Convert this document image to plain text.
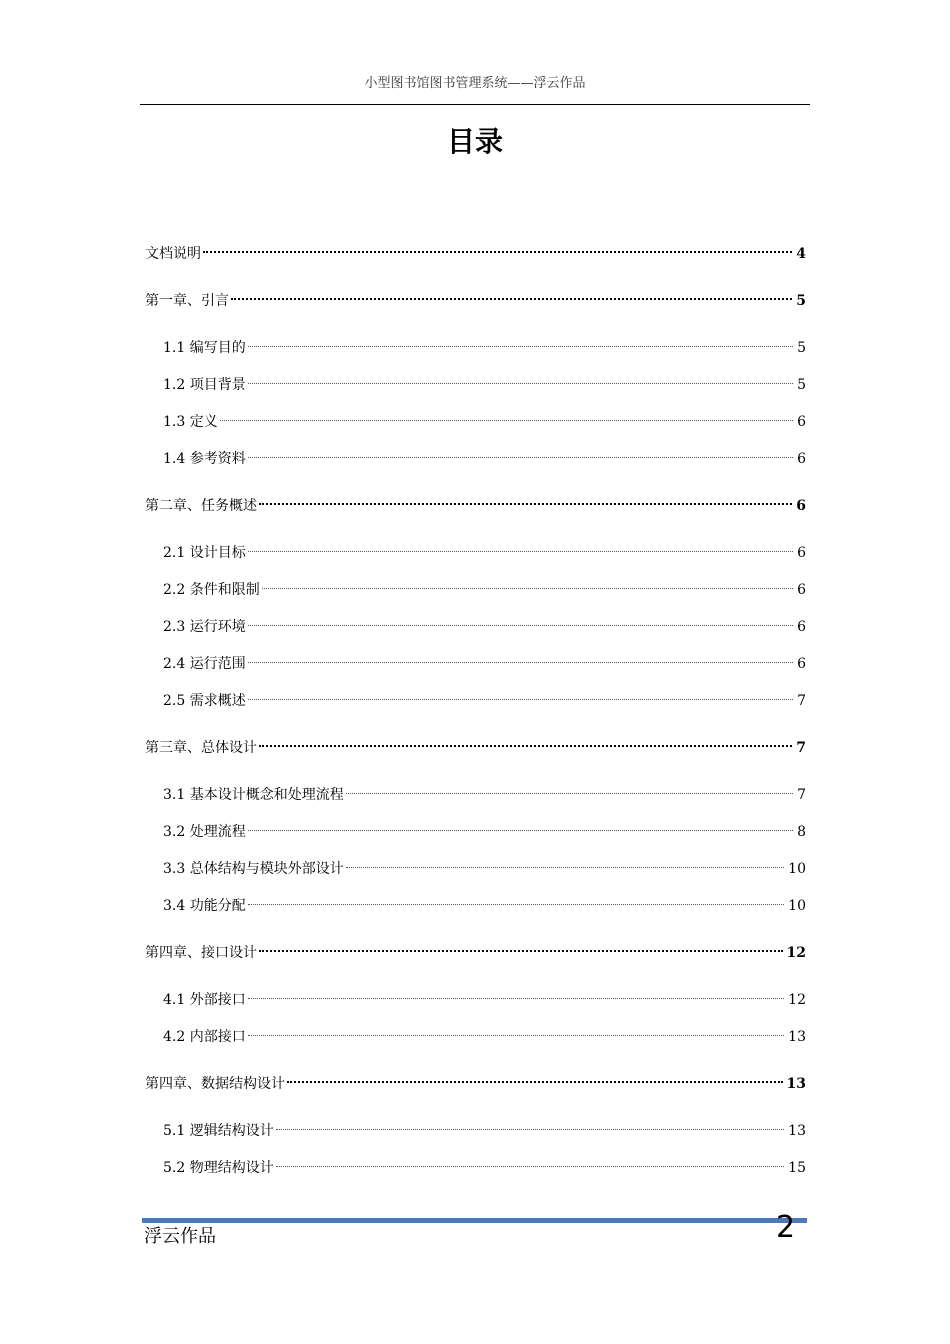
小型图书馆图书管理系统——浮云作品
目录
文档说明	4
第一章、引言	5
1.1 编写目的	5
1.2 项目背景	5
1.3 定义	6
1.4 参考资料	6
第二章、任务概述	6
2.1 设计目标	6
2.2 条件和限制	6
2.3 运行环境	6
2.4 运行范围	6
2.5 需求概述	7
第三章、总体设计	7
3.1 基本设计概念和处理流程	7
3.2 处理流程	8
3.3 总体结构与模块外部设计	10
3.4 功能分配	10
第四章、接口设计	12
4.1 外部接口	12
4.2 内部接口	13
第四章、数据结构设计	13
5.1 逻辑结构设计	13
5.2 物理结构设计	15
浮云作品	2
